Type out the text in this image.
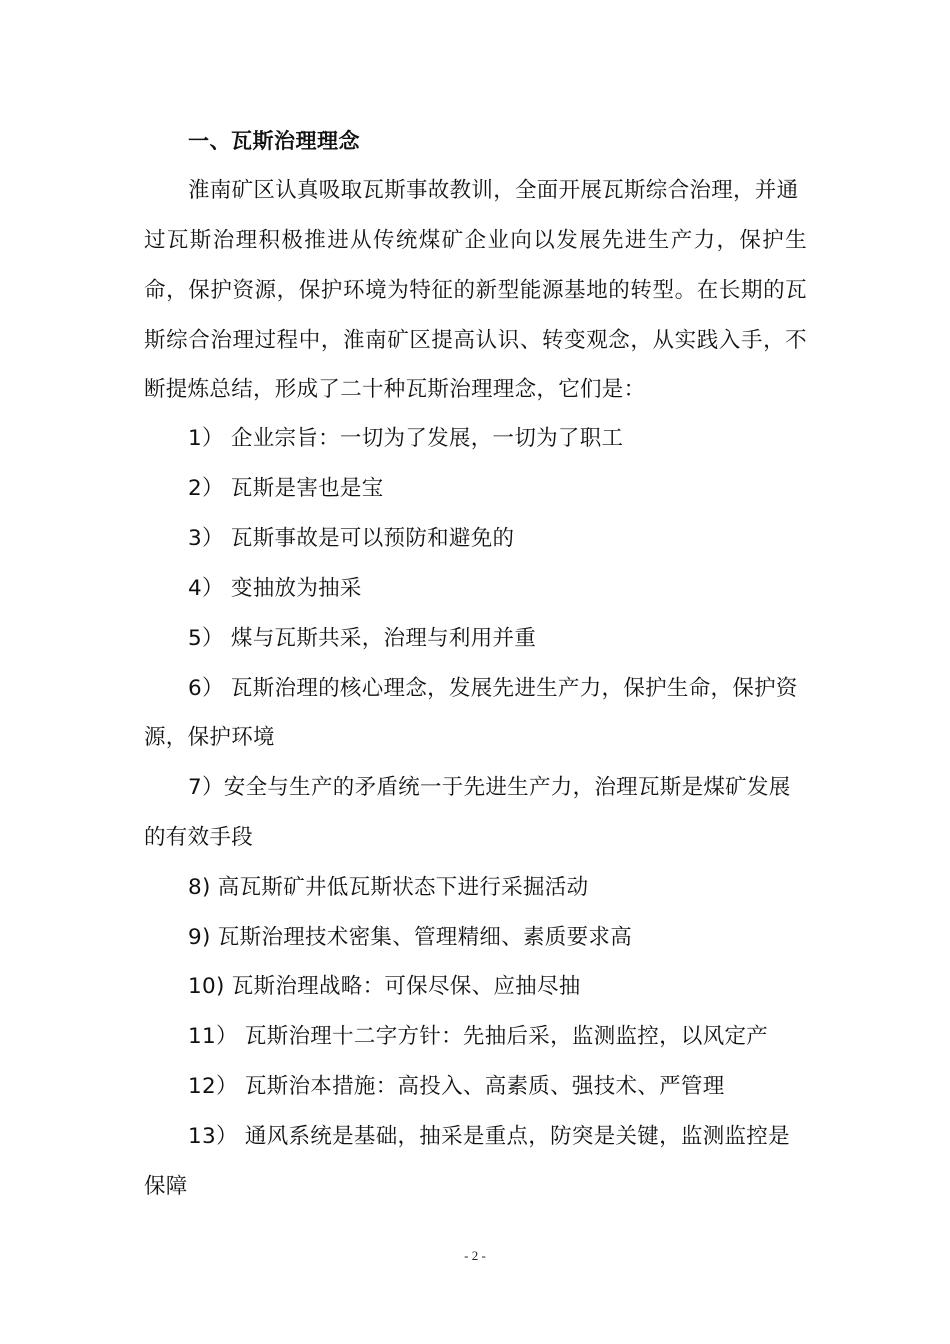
一、瓦斯治理理念
淮南矿区认真吸取瓦斯事故教训，全面开展瓦斯综合治理，并通
过瓦斯治理积极推进从传统煤矿企业向以发展先进生产力，保护生
命，保护资源，保护环境为特征的新型能源基地的转型。在长期的瓦
斯综合治理过程中，淮南矿区提高认识、转变观念，从实践入手，不
断提炼总结，形成了二十种瓦斯治理理念，它们是：
1） 企业宗旨：一切为了发展，一切为了职工
2） 瓦斯是害也是宝
3） 瓦斯事故是可以预防和避免的
4） 变抽放为抽采
5） 煤与瓦斯共采，治理与利用并重
6） 瓦斯治理的核心理念，发展先进生产力，保护生命，保护资
源，保护环境
7）安全与生产的矛盾统一于先进生产力，治理瓦斯是煤矿发展
的有效手段
8) 高瓦斯矿井低瓦斯状态下进行采掘活动
9) 瓦斯治理技术密集、管理精细、素质要求高
10) 瓦斯治理战略：可保尽保、应抽尽抽
11） 瓦斯治理十二字方针：先抽后采，监测监控，以风定产
12） 瓦斯治本措施：高投入、高素质、强技术、严管理
13） 通风系统是基础，抽采是重点，防突是关键，监测监控是
保障
- 2 -
